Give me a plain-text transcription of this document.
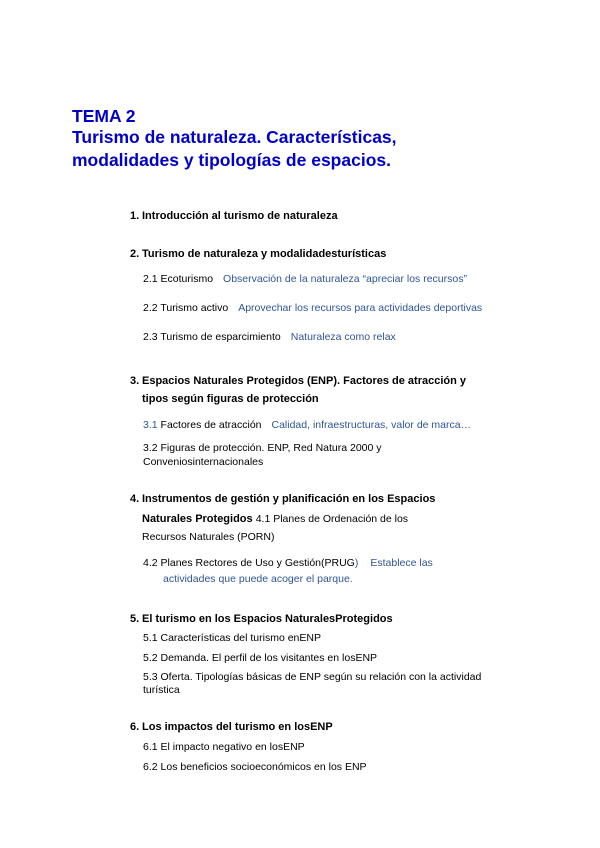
TEMA 2
Turismo de naturaleza. Características,
modalidades y tipologías de espacios.
1. Introducción al turismo de naturaleza
2. Turismo de naturaleza y modalidadesturísticas
2.1 Ecoturismo Observación de la naturaleza “apreciar los recursos”
2.2 Turismo activo Aprovechar los recursos para actividades deportivas
2.3 Turismo de esparcimiento Naturaleza como relax
3. Espacios Naturales Protegidos (ENP). Factores de atracción y
tipos según figuras de protección
3.1 Factores de atracción Calidad, infraestructuras, valor de marca…
3.2 Figuras de protección. ENP, Red Natura 2000 y
Conveniosinternacionales
4. Instrumentos de gestión y planificación en los Espacios
Naturales Protegidos 4.1 Planes de Ordenación de los
Recursos Naturales (PORN)
4.2 Planes Rectores de Uso y Gestión(PRUG) Establece las
actividades que puede acoger el parque.
5. El turismo en los Espacios NaturalesProtegidos
5.1 Características del turismo enENP
5.2 Demanda. El perfil de los visitantes en losENP
5.3 Oferta. Tipologías básicas de ENP según su relación con la actividad
turística
6. Los impactos del turismo en losENP
6.1 El impacto negativo en losENP
6.2 Los beneficios socioeconómicos en los ENP
